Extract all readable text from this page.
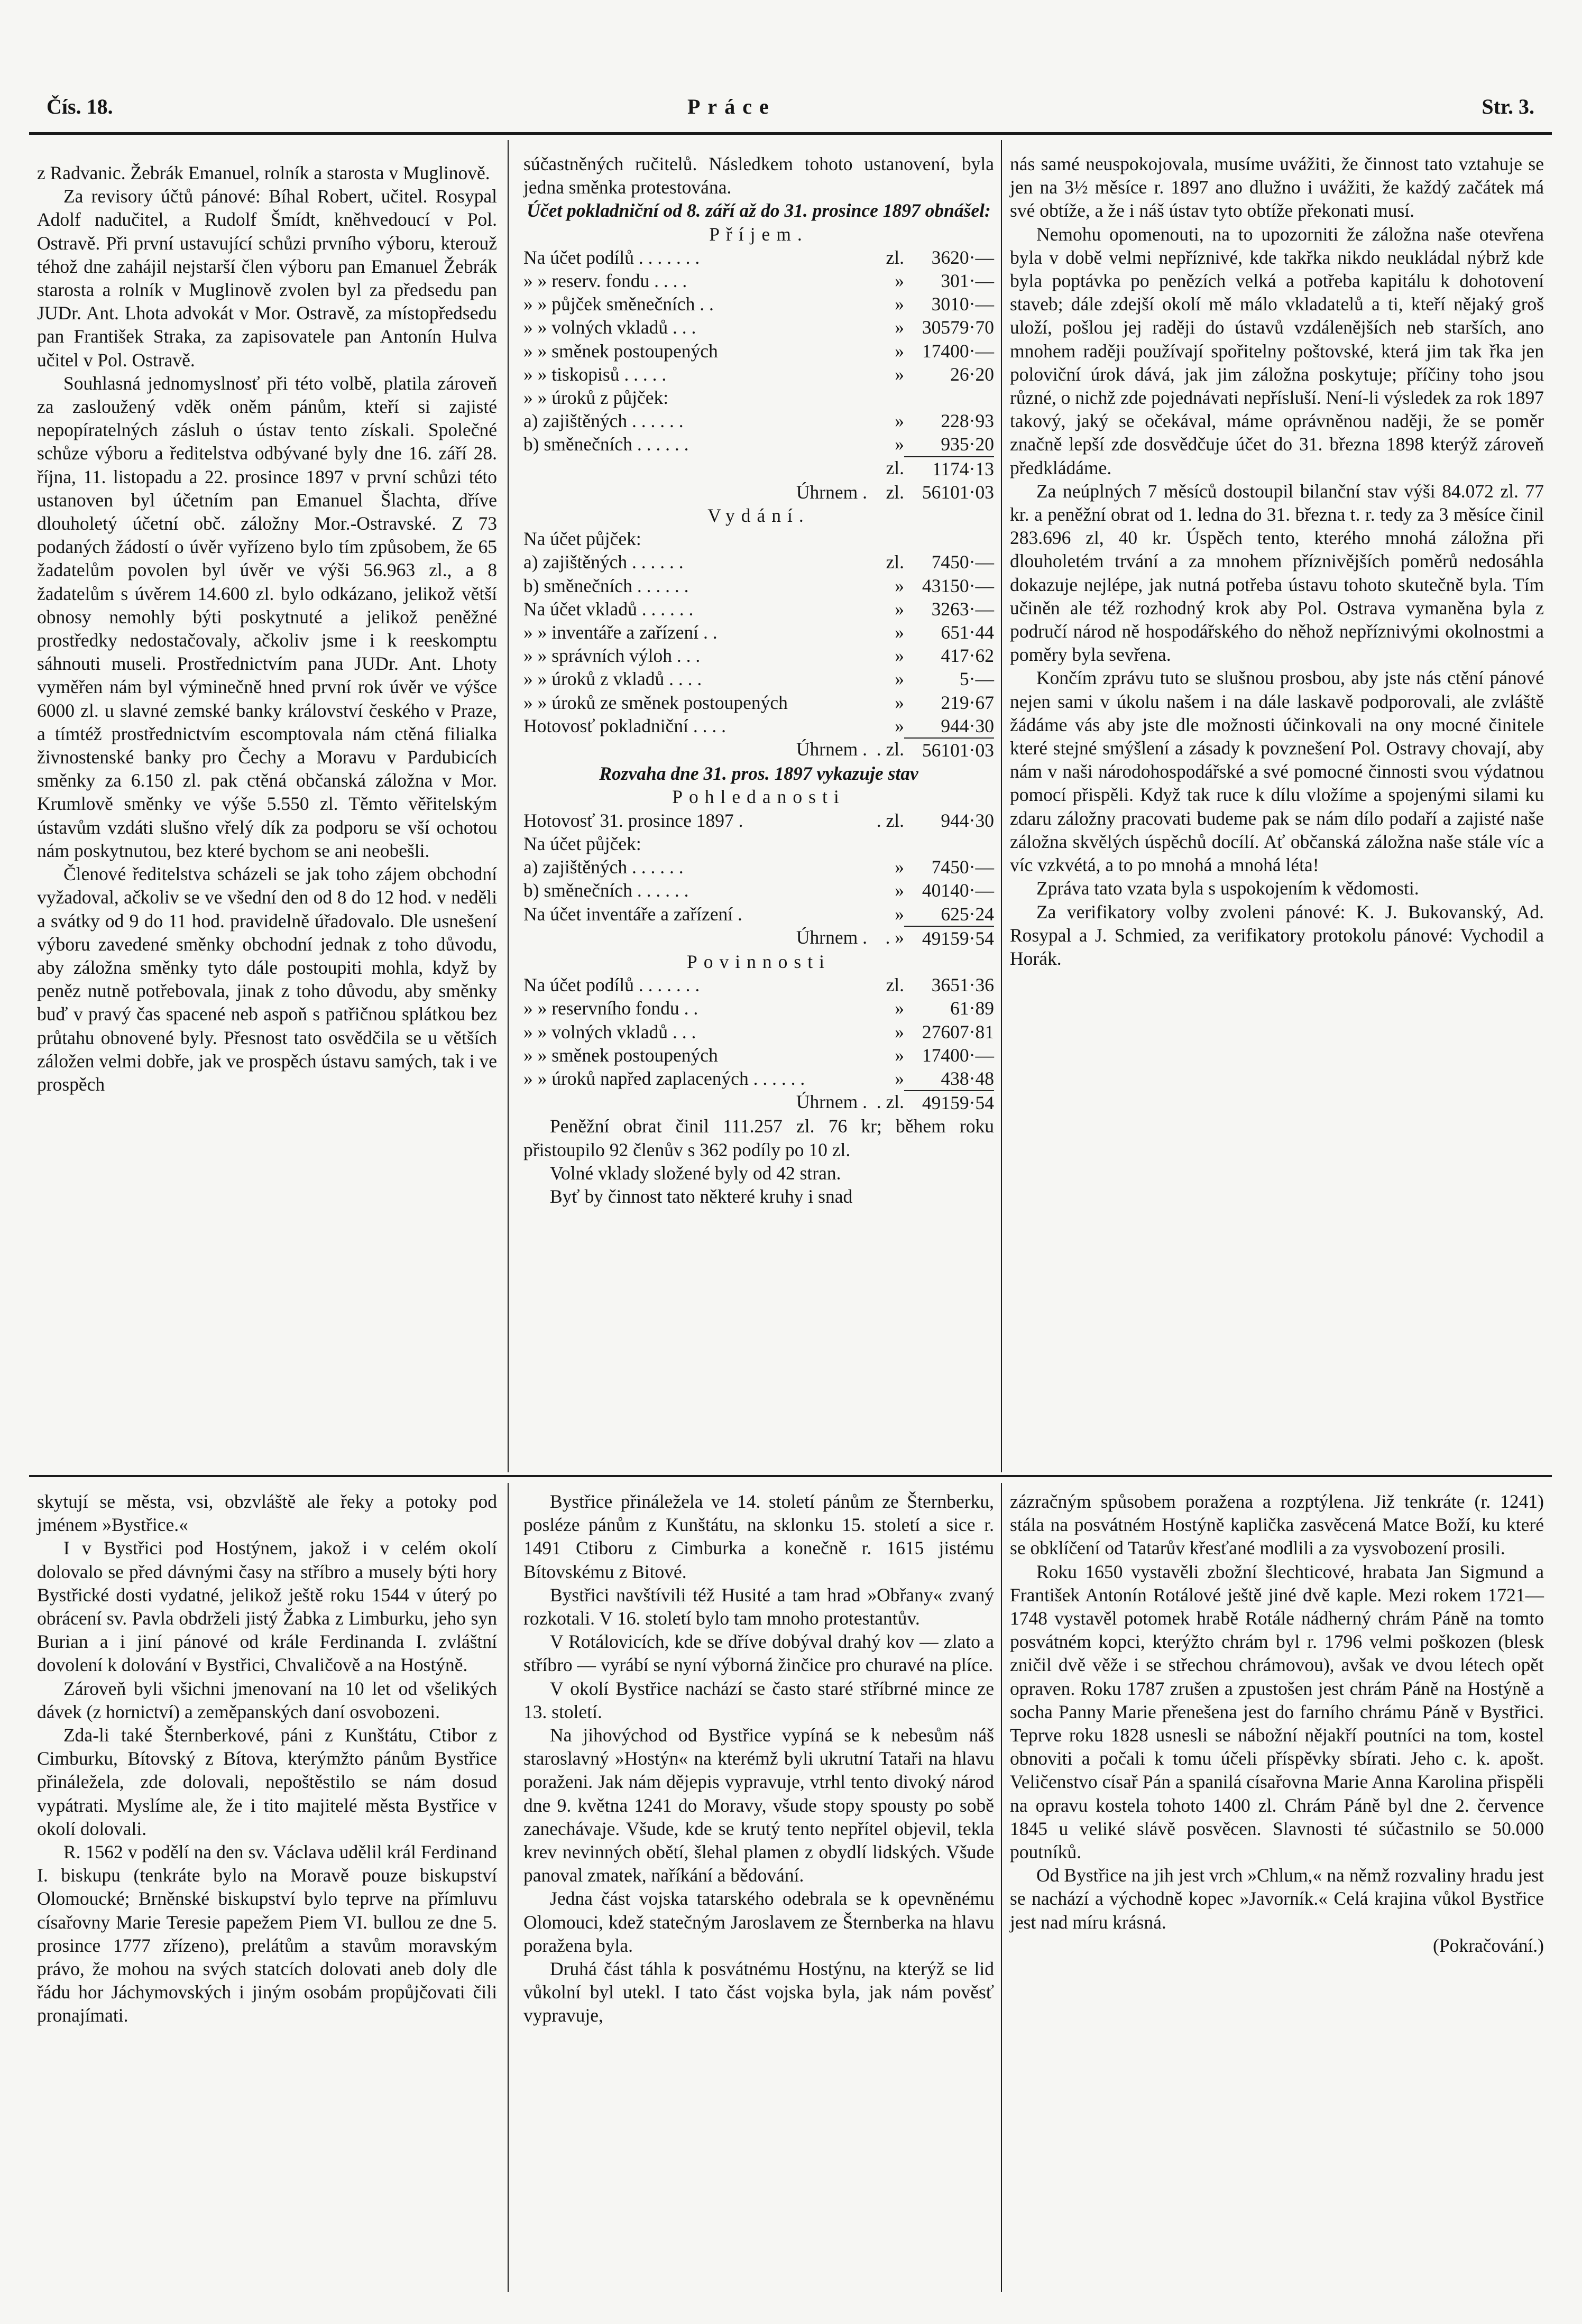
Čís. 18.	Práce	Str. 3.

z Radvanic. Žebrák Emanuel, rolník a starosta v Muglinově.

Za revisory účtů pánové: Bíhal Robert, učitel. Rosypal Adolf nadučitel, a Rudolf Šmídt, kněhvedoucí v Pol. Ostravě. Při první ustavující schůzi prvního výboru, kterouž téhož dne zahájil nejstarší člen výboru pan Emanuel Žebrák starosta a rolník v Muglinově zvolen byl za předsedu pan JUDr. Ant. Lhota advokát v Mor. Ostravě, za místopředsedu pan František Straka, za zapisovatele pan Antonín Hulva učitel v Pol. Ostravě.

Souhlasná jednomyslnosť při této volbě, platila zároveň za zasloužený vděk oněm pánům, kteří si zajisté nepopíratelných zásluh o ústav tento získali. Společné schůze výboru a ředitelstva odbývané byly dne 16. září 28. října, 11. listopadu a 22. prosince 1897 v první schůzi této ustanoven byl účetním pan Emanuel Šlachta, dříve dlouholetý účetní obč. záložny Mor.-Ostravské. Z 73 podaných žádostí o úvěr vyřízeno bylo tím způsobem, že 65 žadatelům povolen byl úvěr ve výši 56.963 zl., a 8 žadatelům s úvěrem 14.600 zl. bylo odkázano, jelikož větší obnosy nemohly býti poskytnuté a jelikož peněžné prostředky nedostačovaly, ačkoliv jsme i k reeskomptu sáhnouti museli. Prostřednictvím pana JUDr. Ant. Lhoty vyměřen nám byl výminečně hned první rok úvěr ve výšce 6000 zl. u slavné zemské banky království českého v Praze, a tímtéž prostřednictvím escomptovala nám ctěná filialka živnostenské banky pro Čechy a Moravu v Pardubicích směnky za 6.150 zl. pak ctěná občanská záložna v Mor. Krumlově směnky ve výše 5.550 zl. Těmto věřitelským ústavům vzdáti slušno vřelý dík za podporu se vší ochotou nám poskytnutou, bez které bychom se ani neobešli.

Členové ředitelstva scházeli se jak toho zájem obchodní vyžadoval, ačkoliv se ve všední den od 8 do 12 hod. v neděli a svátky od 9 do 11 hod. pravidelně úřadovalo. Dle usnešení výboru zavedené směnky obchodní jednak z toho důvodu, aby záložna směnky tyto dále postoupiti mohla, když by peněz nutně potřebovala, jinak z toho důvodu, aby směnky buď v pravý čas spacené neb aspoň s patřičnou splátkou bez průtahu obnovené byly. Přesnost tato osvědčila se u větších záložen velmi dobře, jak ve prospěch ústavu samých, tak i ve prospěch

súčastněných ručitelů. Následkem tohoto ustanovení, byla jedna směnka protestována.

Účet pokladniční od 8. září až do 31. prosince 1897 obnášel:

Příjem.

Na účet podílů . . . . . . .	zl.	3620·—
» » reserv. fondu . . . .	»	301·—
» » půjček směnečních . .	»	3010·—
» » volných vkladů . . .	» 30579·70
» » směnek postoupených	» 17400·—
» » tiskopisů . . . . .	»	26·20
» » úroků z půjček:
a) zajištěných . . . . . .	»	228·93
b) směnečních . . . . . .	»	935·20
zl.	1174·13
Úhrnem .	zl. 56101·03

Vydání.

Na účet půjček:
a) zajištěných . . . . . .	zl.	7450·—
b) směnečních . . . . . .	» 43150·—
Na účet vkladů . . . . . .	»	3263·—
» » inventáře a zařízení . .	»	651·44
» » správních výloh . . .	»	417·62
» » úroků z vkladů . . . .	»	5·—
» » úroků ze směnek postoupených	»	219·67
Hotovosť pokladniční . . . .	»	944·30
Úhrnem . . zl. 56101·03

Rozvaha dne 31. pros. 1897 vykazuje stav

Pohledanosti

Hotovosť 31. prosince 1897 .	. zl.	944·30
Na účet půjček:
a) zajištěných . . . . . .	»	7450·—
b) směnečních . . . . . .	» 40140·—
Na účet inventáře a zařízení .	»	625·24
Úhrnem . . » 49159·54

Povinnosti

Na účet podílů . . . . . . .	zl.	3651·36
» » reservního fondu . .	»	61·89
» » volných vkladů . . .	» 27607·81
» » směnek postoupených	» 17400·—
» » úroků napřed zaplacených . . . . . .	»	438·48
Úhrnem . . zl. 49159·54

Peněžní obrat činil 111.257 zl. 76 kr; během roku přistoupilo 92 členův s 362 podíly po 10 zl.

Volné vklady složené byly od 42 stran.

Byť by činnost tato některé kruhy i snad

nás samé neuspokojovala, musíme uvážiti, že činnost tato vztahuje se jen na 3½ měsíce r. 1897 ano dlužno i uvážiti, že každý začátek má své obtíže, a že i náš ústav tyto obtíže překonati musí.

Nemohu opomenouti, na to upozorniti že záložna naše otevřena byla v době velmi nepříznivé, kde takřka nikdo neukládal nýbrž kde byla poptávka po penězích velká a potřeba kapitálu k dohotovení staveb; dále zdejší okolí mě málo vkladatelů a ti, kteří nějaký groš uloží, pošlou jej raději do ústavů vzdálenějších neb starších, ano mnohem raději používají spořitelny poštovské, která jim tak řka jen poloviční úrok dává, jak jim záložna poskytuje; příčiny toho jsou různé, o nichž zde pojednávati nepřísluší. Není-li výsledek za rok 1897 takový, jaký se očekával, máme oprávněnou naději, že se poměr značně lepší zde dosvědčuje účet do 31. března 1898 kterýž zároveň předkládáme.

Za neúplných 7 měsíců dostoupil bilanční stav výši 84.072 zl. 77 kr. a peněžní obrat od 1. ledna do 31. března t. r. tedy za 3 měsíce činil 283.696 zl, 40 kr. Úspěch tento, kterého mnohá záložna při dlouholetém trvání a za mnohem příznivějších poměrů nedosáhla dokazuje nejlépe, jak nutná potřeba ústavu tohoto skutečně byla. Tím učiněn ale též rozhodný krok aby Pol. Ostrava vymaněna byla z područí národ ně hospodářského do něhož nepříznivými okolnostmi a poměry byla sevřena.

Končím zprávu tuto se slušnou prosbou, aby jste nás ctění pánové nejen sami v úkolu našem i na dále laskavě podporovali, ale zvláště žádáme vás aby jste dle možnosti účinkovali na ony mocné činitele které stejné smýšlení a zásady k povznešení Pol. Ostravy chovají, aby nám v naši národohospodářské a své pomocné činnosti svou výdatnou pomocí přispěli. Když tak ruce k dílu vložíme a spojenými silami ku zdaru záložny pracovati budeme pak se nám dílo podaří a zajisté naše záložna skvělých úspěchů docílí. Ať občanská záložna naše stále víc a víc vzkvétá, a to po mnohá a mnohá léta!

Zpráva tato vzata byla s uspokojením k vědomosti.

Za verifikatory volby zvoleni pánové: K. J. Bukovanský, Ad. Rosypal a J. Schmied, za verifikatory protokolu pánové: Vychodil a Horák.

skytují se města, vsi, obzvláště ale řeky a potoky pod jménem »Bystřice.«

I v Bystřici pod Hostýnem, jakož i v celém okolí dolovalo se před dávnými časy na stříbro a musely býti hory Bystřické dosti vydatné, jelikož ještě roku 1544 v úterý po obrácení sv. Pavla obdrželi jistý Žabka z Limburku, jeho syn Burian a i jiní pánové od krále Ferdinanda I. zvláštní dovolení k dolování v Bystřici, Chvaličově a na Hostýně.

Zároveň byli všichni jmenovaní na 10 let od všelikých dávek (z hornictví) a zeměpanských daní osvobozeni.

Zda-li také Šternberkové, páni z Kunštátu, Ctibor z Cimburku, Bítovský z Bítova, kterýmžto pánům Bystřice přináležela, zde dolovali, nepoštěstilo se nám dosud vypátrati. Myslíme ale, že i tito majitelé města Bystřice v okolí dolovali.

R. 1562 v podělí na den sv. Václava udělil král Ferdinand I. biskupu (tenkráte bylo na Moravě pouze biskupství Olomoucké; Brněnské biskupství bylo teprve na přímluvu císařovny Marie Teresie papežem Piem VI. bullou ze dne 5. prosince 1777 zřízeno), prelátům a stavům moravským právo, že mohou na svých statcích dolovati aneb doly dle řádu hor Jáchymovských i jiným osobám propůjčovati čili pronajímati.

Bystřice přináležela ve 14. století pánům ze Šternberku, posléze pánům z Kunštátu, na sklonku 15. století a sice r. 1491 Ctiboru z Cimburka a konečně r. 1615 jistému Bítovskému z Bitové.

Bystřici navštívili též Husité a tam hrad »Obřany« zvaný rozkotali. V 16. století bylo tam mnoho protestantův.

V Rotálovicích, kde se dříve dobýval drahý kov — zlato a stříbro — vyrábí se nyní výborná žinčice pro churavé na plíce.

V okolí Bystřice nachází se často staré stříbrné mince ze 13. století.

Na jihovýchod od Bystřice vypíná se k nebesům náš staroslavný »Hostýn« na kterémž byli ukrutní Tataři na hlavu poraženi. Jak nám dějepis vypravuje, vtrhl tento divoký národ dne 9. května 1241 do Moravy, všude stopy spousty po sobě zanechávaje. Všude, kde se krutý tento nepřítel objevil, tekla krev nevinných obětí, šlehal plamen z obydlí lidských. Všude panoval zmatek, naříkání a bědování.

Jedna část vojska tatarského odebrala se k opevněnému Olomouci, kdež statečným Jaroslavem ze Šternberka na hlavu poražena byla.

Druhá část táhla k posvátnému Hostýnu, na kterýž se lid vůkolní byl utekl. I tato část vojska byla, jak nám pověsť vypravuje,

zázračným spůsobem poražena a rozptýlena. Již tenkráte (r. 1241) stála na posvátném Hostýně kaplička zasvěcená Matce Boží, ku které se obklíčení od Tatarův křesťané modlili a za vysvobození prosili.

Roku 1650 vystavěli zbožní šlechticové, hrabata Jan Sigmund a František Antonín Rotálové ještě jiné dvě kaple. Mezi rokem 1721—1748 vystavěl potomek hrabě Rotále nádherný chrám Páně na tomto posvátném kopci, kterýžto chrám byl r. 1796 velmi poškozen (blesk zničil dvě věže i se střechou chrámovou), avšak ve dvou létech opět opraven. Roku 1787 zrušen a zpustošen jest chrám Páně na Hostýně a socha Panny Marie přenešena jest do farního chrámu Páně v Bystřici. Teprve roku 1828 usnesli se nábožní nějakří poutníci na tom, kostel obnoviti a počali k tomu účeli příspěvky sbírati. Jeho c. k. apošt. Veličenstvo císař Pán a spanilá císařovna Marie Anna Karolina přispěli na opravu kostela tohoto 1400 zl. Chrám Páně byl dne 2. července 1845 u veliké slávě posvěcen. Slavnosti té súčastnilo se 50.000 poutníků.

Od Bystřice na jih jest vrch »Chlum,« na němž rozvaliny hradu jest se nachází a východně kopec »Javorník.« Celá krajina vůkol Bystřice jest nad míru krásná.

(Pokračování.)
